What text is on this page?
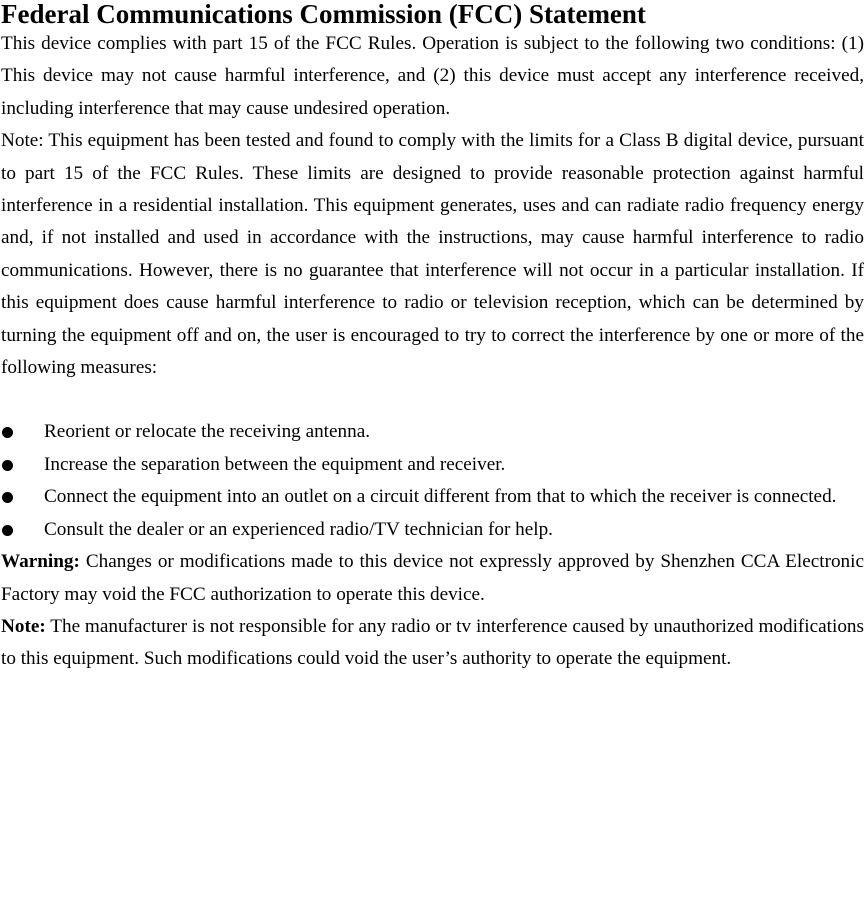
Federal Communications Commission (FCC) Statement

This device complies with part 15 of the FCC Rules. Operation is subject to the following two conditions: (1) This device may not cause harmful interference, and (2) this device must accept any interference received, including interference that may cause undesired operation.

Note: This equipment has been tested and found to comply with the limits for a Class B digital device, pursuant to part 15 of the FCC Rules. These limits are designed to provide reasonable protection against harmful interference in a residential installation. This equipment generates, uses and can radiate radio frequency energy and, if not installed and used in accordance with the instructions, may cause harmful interference to radio communications. However, there is no guarantee that interference will not occur in a particular installation. If this equipment does cause harmful interference to radio or television reception, which can be determined by turning the equipment off and on, the user is encouraged to try to correct the interference by one or more of the following measures:

Reorient or relocate the receiving antenna.
Increase the separation between the equipment and receiver.
Connect the equipment into an outlet on a circuit different from that to which the receiver is connected.
Consult the dealer or an experienced radio/TV technician for help.

Warning: Changes or modifications made to this device not expressly approved by Shenzhen CCA Electronic Factory may void the FCC authorization to operate this device.

Note: The manufacturer is not responsible for any radio or tv interference caused by unauthorized modifications to this equipment. Such modifications could void the user’s authority to operate the equipment.
